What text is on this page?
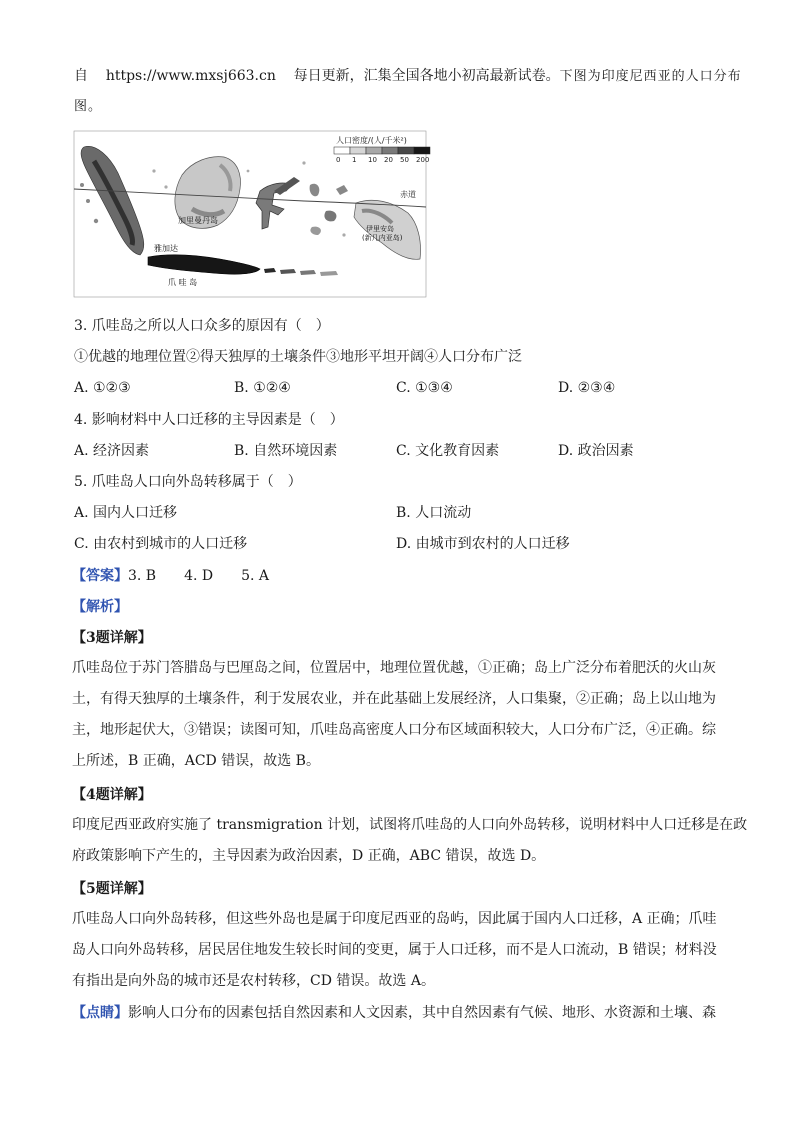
自 https://www.mxsj663.cn 每日更新，汇集全国各地小初高最新试卷。下图为印度尼西亚的人口分布
图。
人口密度/(人/千米²)
0 1 10 20 50 200
赤道
加里曼丹岛
雅加达
爪 哇 岛
伊里安岛
(新几内亚岛)
3. 爪哇岛之所以人口众多的原因有（　）
①优越的地理位置②得天独厚的土壤条件③地形平坦开阔④人口分布广泛
A. ①②③	B. ①②④	C. ①③④	D. ②③④
4. 影响材料中人口迁移的主导因素是（　）
A. 经济因素	B. 自然环境因素	C. 文化教育因素	D. 政治因素
5. 爪哇岛人口向外岛转移属于（　）
A. 国内人口迁移	B. 人口流动
C. 由农村到城市的人口迁移	D. 由城市到农村的人口迁移
【答案】3. B　　4. D　　5. A
【解析】
【3题详解】
爪哇岛位于苏门答腊岛与巴厘岛之间，位置居中，地理位置优越，①正确；岛上广泛分布着肥沃的火山灰
土，有得天独厚的土壤条件，利于发展农业，并在此基础上发展经济，人口集聚，②正确；岛上以山地为
主，地形起伏大，③错误；读图可知，爪哇岛高密度人口分布区域面积较大，人口分布广泛，④正确。综
上所述，B 正确，ACD 错误，故选 B。
【4题详解】
印度尼西亚政府实施了 transmigration 计划，试图将爪哇岛的人口向外岛转移，说明材料中人口迁移是在政
府政策影响下产生的，主导因素为政治因素，D 正确，ABC 错误，故选 D。
【5题详解】
爪哇岛人口向外岛转移，但这些外岛也是属于印度尼西亚的岛屿，因此属于国内人口迁移，A 正确；爪哇
岛人口向外岛转移，居民居住地发生较长时间的变更，属于人口迁移，而不是人口流动，B 错误；材料没
有指出是向外岛的城市还是农村转移，CD 错误。故选 A。
【点睛】影响人口分布的因素包括自然因素和人文因素，其中自然因素有气候、地形、水资源和土壤、森
